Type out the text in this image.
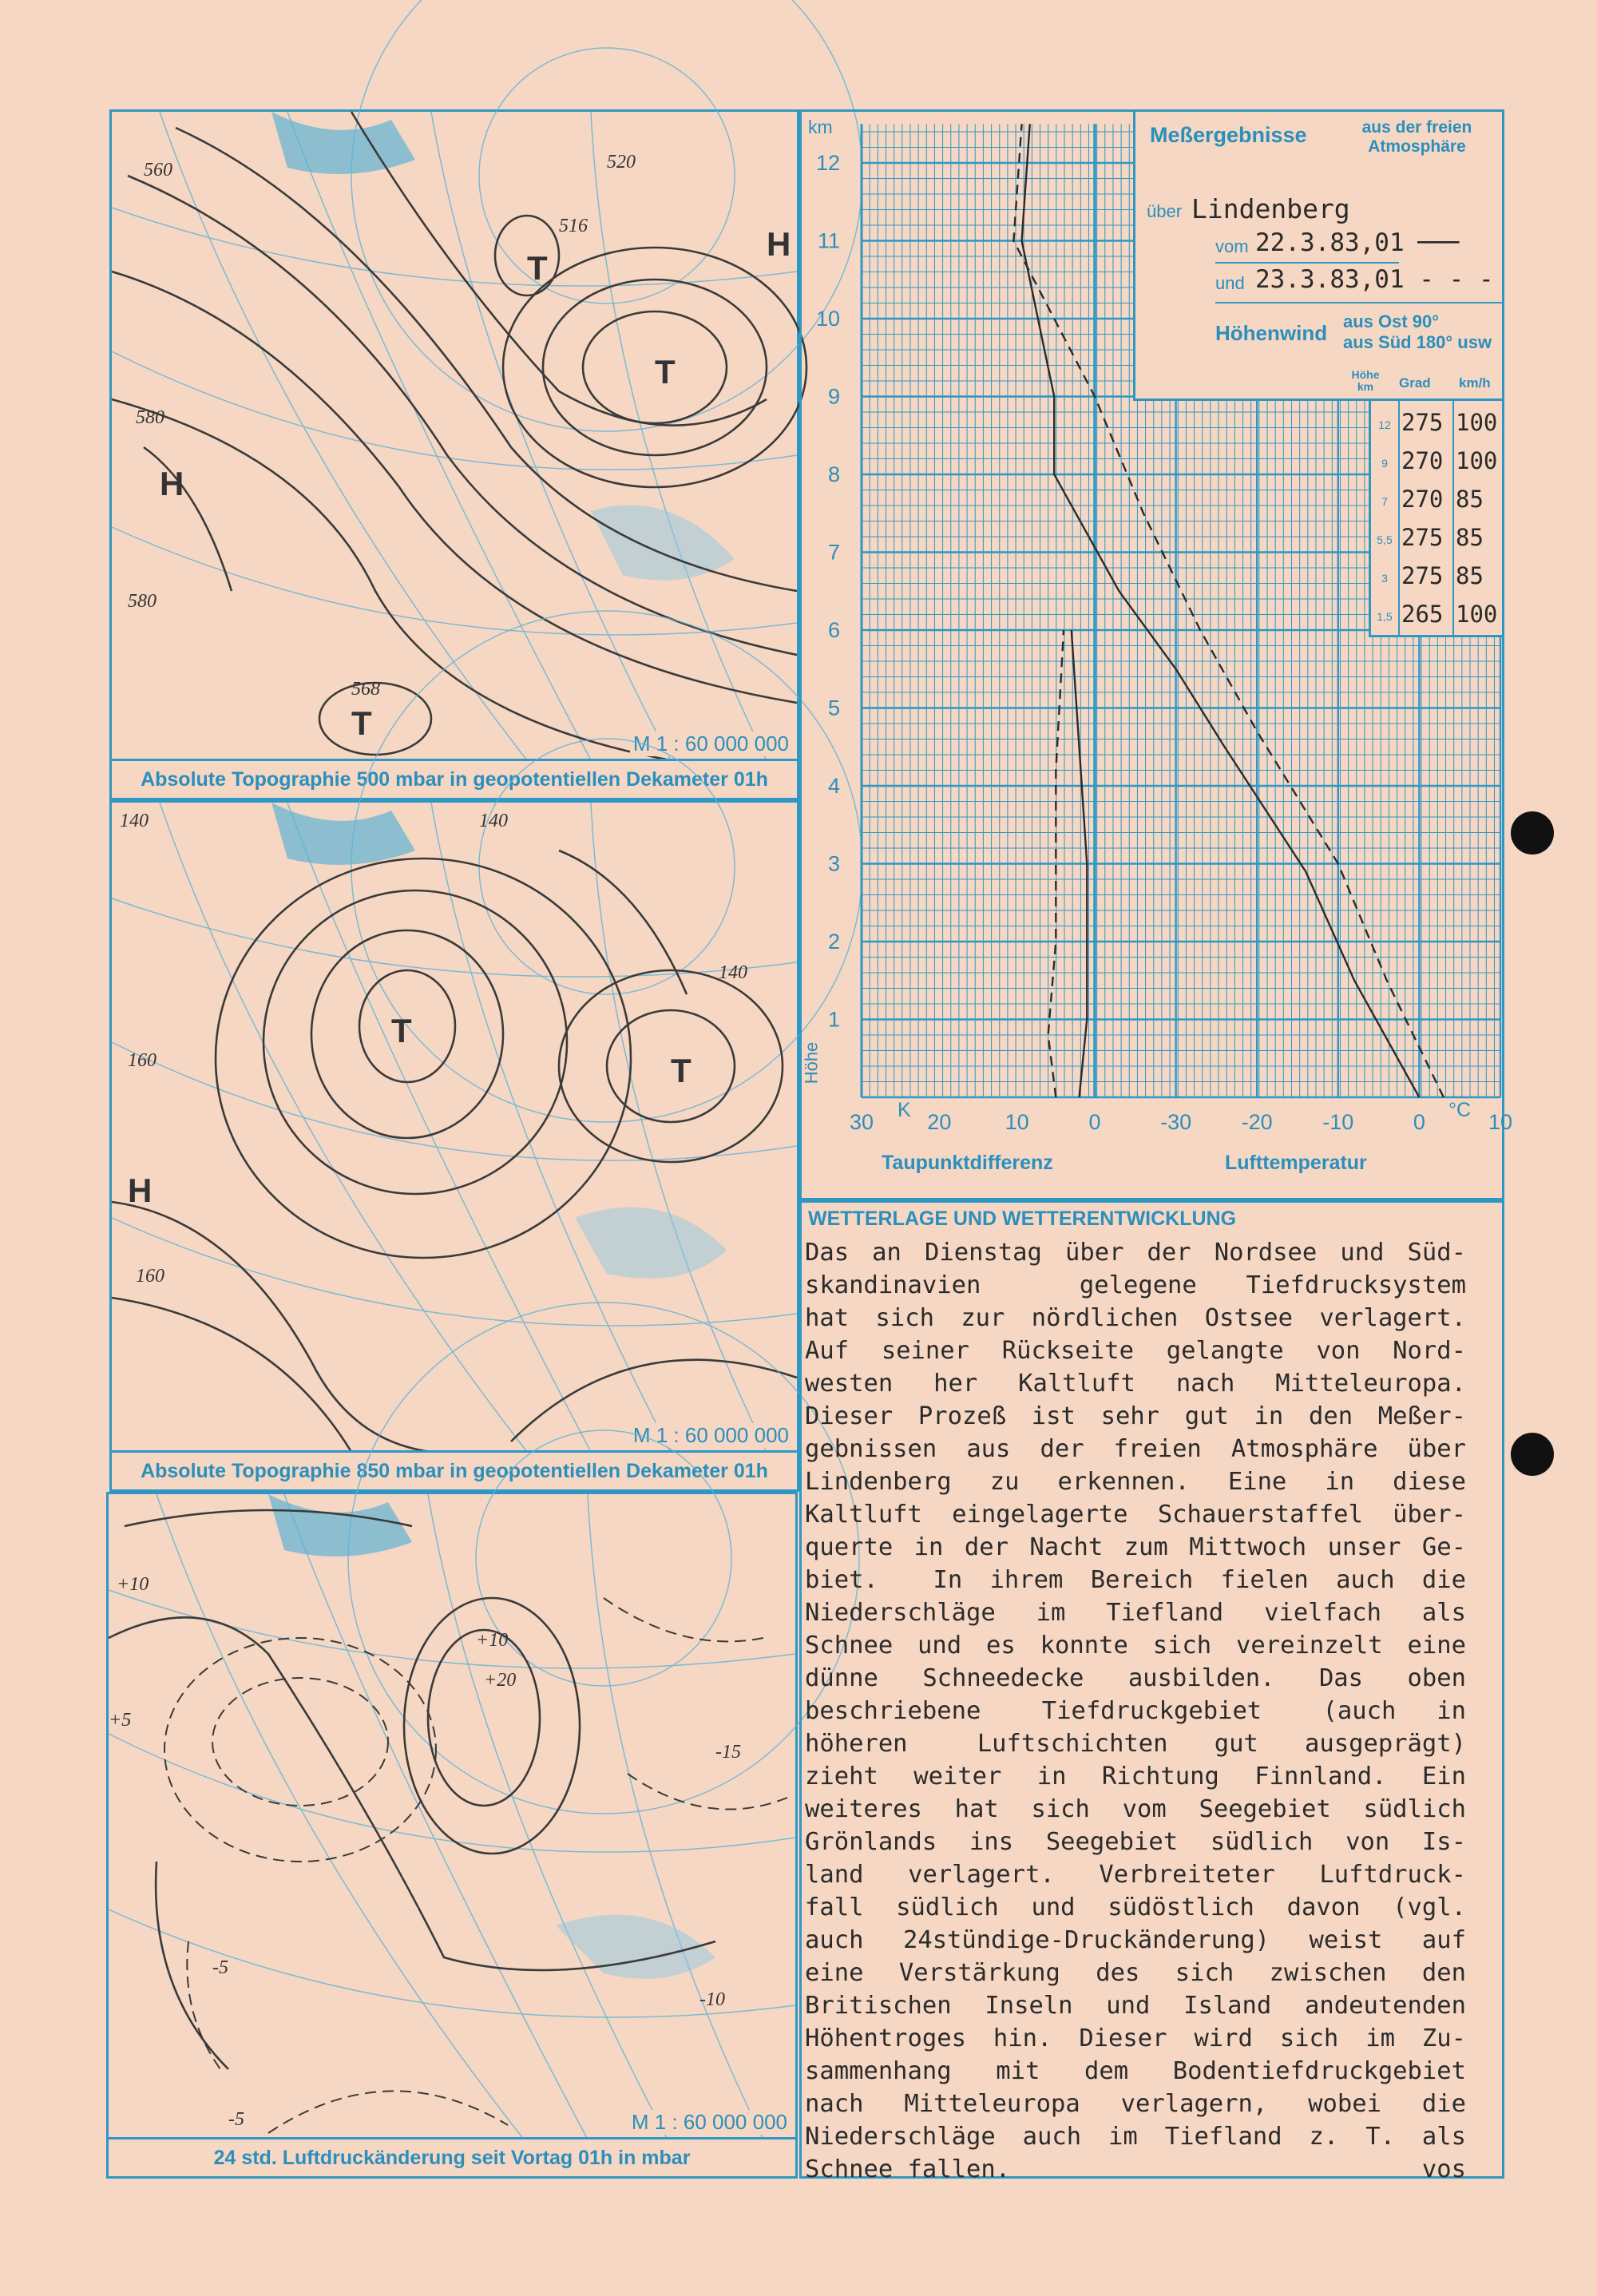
560
580
580
520
568
516
H
T
T
T
H
M 1 : 60 000 000
Absolute Topographie 500 mbar in geopotentiellen Dekameter 01h
140
160
160
140
140
H
T
T
M 1 : 60 000 000
Absolute Topographie 850 mbar in geopotentiellen Dekameter 01h
+10
+5
+10
+20
-5
-5
-15
-10
M 1 : 60 000 000
24 std. Luftdruckänderung seit Vortag 01h in mbar
1
2
3
4
5
6
7
8
9
10
11
12
30 20 10	0	-30 -20 -10	0	10
Meßergebnisse	aus der freien Atmosphäre
über Lindenberg
vom 22.3.83,01 ───
und 23.3.83,01 - - -
Höhenwind aus Ost 90°
aus Süd 180° usw
Höhe km	Grad km/h
12 275 100
9 270 100
7 270 85
5,5 275 85
3 275 85
1,5 265 100
km
Höhe
K	°C
Taupunktdifferenz	Lufttemperatur
WETTERLAGE UND WETTERENTWICKLUNG
Das an Dienstag über der Nordsee und Süd-
skandinavien    gelegene  Tiefdrucksystem
hat sich zur nördlichen Ostsee verlagert.
Auf seiner Rückseite gelangte von Nord-
westen  her  Kaltluft  nach  Mitteleuropa.
Dieser Prozeß ist sehr gut in den Meßer-
gebnissen aus der freien Atmosphäre über
Lindenberg  zu  erkennen.  Eine  in  diese
Kaltluft eingelagerte Schauerstaffel über-
querte in der Nacht zum Mittwoch unser Ge-
biet.  In ihrem Bereich fielen auch die
Niederschläge  im  Tiefland  vielfach  als
Schnee und es konnte sich vereinzelt eine
dünne  Schneedecke  ausbilden.  Das  oben
beschriebene   Tiefdruckgebiet   (auch  in
höheren   Luftschichten  gut  ausgeprägt)
zieht  weiter  in  Richtung  Finnland.  Ein
weiteres hat sich vom Seegebiet südlich
Grönlands ins Seegebiet südlich von Is-
land verlagert. Verbreiteter Luftdruck-
fall südlich und südöstlich davon (vgl.
auch 24stündige-Druckänderung) weist auf
eine Verstärkung des sich zwischen den
Britischen Inseln und Island andeutenden
Höhentroges hin. Dieser wird sich im Zu-
sammenhang mit dem Bodentiefdruckgebiet
nach Mitteleuropa verlagern, wobei die
Niederschläge auch im Tiefland z. T. als
Schnee fallen.	vos
